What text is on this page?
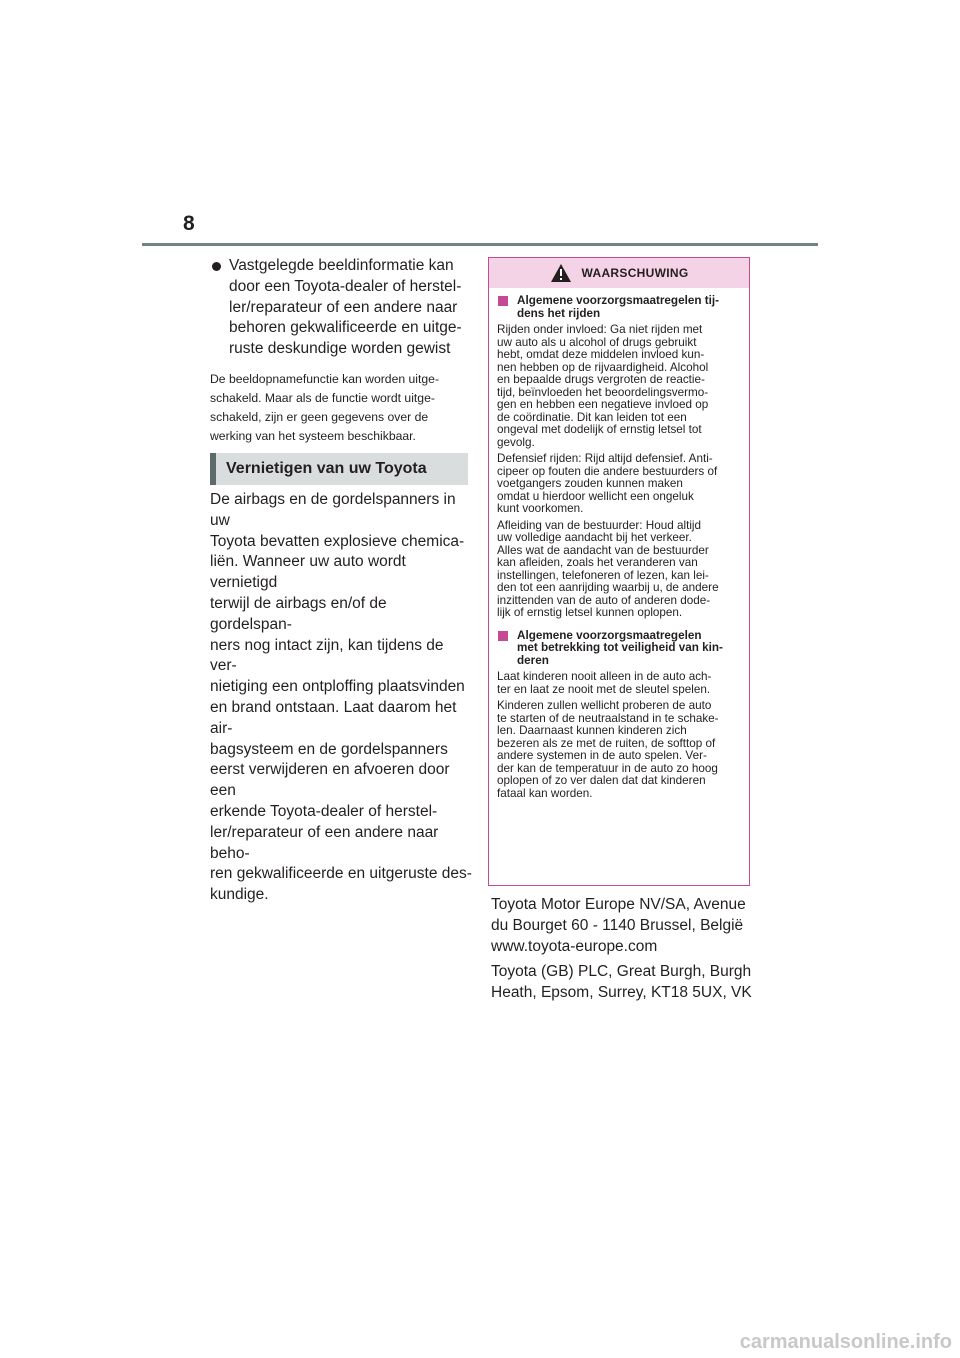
8
Vastgelegde beeldinformatie kan
door een Toyota-dealer of herstel-
ler/reparateur of een andere naar
behoren gekwalificeerde en uitge-
ruste deskundige worden gewist
De beeldopnamefunctie kan worden uitge-
schakeld. Maar als de functie wordt uitge-
schakeld, zijn er geen gegevens over de
werking van het systeem beschikbaar.
Vernietigen van uw Toyota
De airbags en de gordelspanners in uw
Toyota bevatten explosieve chemica-
liën. Wanneer uw auto wordt vernietigd
terwijl de airbags en/of de gordelspan-
ners nog intact zijn, kan tijdens de ver-
nietiging een ontploffing plaatsvinden
en brand ontstaan. Laat daarom het air-
bagsysteem en de gordelspanners
eerst verwijderen en afvoeren door een
erkende Toyota-dealer of herstel-
ler/reparateur of een andere naar beho-
ren gekwalificeerde en uitgeruste des-
kundige.
WAARSCHUWING
Algemene voorzorgsmaatregelen tij-
dens het rijden
Rijden onder invloed: Ga niet rijden met
uw auto als u alcohol of drugs gebruikt
hebt, omdat deze middelen invloed kun-
nen hebben op de rijvaardigheid. Alcohol
en bepaalde drugs vergroten de reactie-
tijd, beïnvloeden het beoordelingsvermo-
gen en hebben een negatieve invloed op
de coördinatie. Dit kan leiden tot een
ongeval met dodelijk of ernstig letsel tot
gevolg.
Defensief rijden: Rijd altijd defensief. Anti-
cipeer op fouten die andere bestuurders of
voetgangers zouden kunnen maken
omdat u hierdoor wellicht een ongeluk
kunt voorkomen.
Afleiding van de bestuurder: Houd altijd
uw volledige aandacht bij het verkeer.
Alles wat de aandacht van de bestuurder
kan afleiden, zoals het veranderen van
instellingen, telefoneren of lezen, kan lei-
den tot een aanrijding waarbij u, de andere
inzittenden van de auto of anderen dode-
lijk of ernstig letsel kunnen oplopen.
Algemene voorzorgsmaatregelen
met betrekking tot veiligheid van kin-
deren
Laat kinderen nooit alleen in de auto ach-
ter en laat ze nooit met de sleutel spelen.
Kinderen zullen wellicht proberen de auto
te starten of de neutraalstand in te schake-
len. Daarnaast kunnen kinderen zich
bezeren als ze met de ruiten, de softtop of
andere systemen in de auto spelen. Ver-
der kan de temperatuur in de auto zo hoog
oplopen of zo ver dalen dat dat kinderen
fataal kan worden.

Toyota Motor Europe NV/SA, Avenue
du Bourget 60 - 1140 Brussel, België
www.toyota-europe.com

Toyota (GB) PLC, Great Burgh, Burgh
Heath, Epsom, Surrey, KT18 5UX, VK

carmanualsonline.info
